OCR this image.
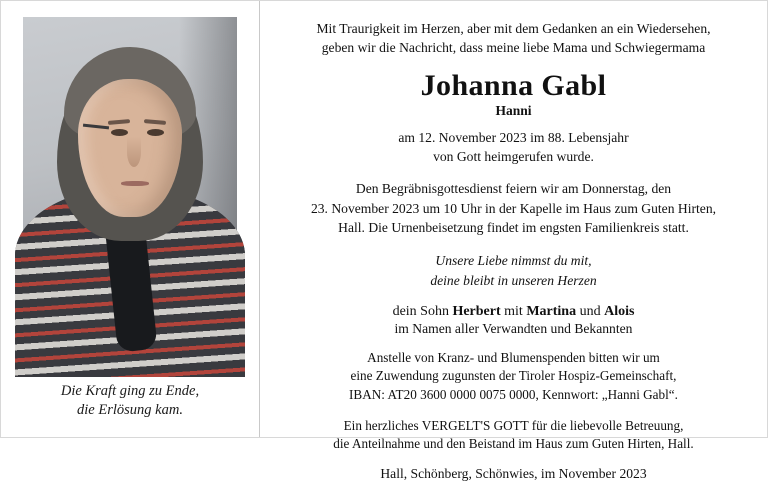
Die Kraft ging zu Ende,
die Erlösung kam.
Mit Traurigkeit im Herzen, aber mit dem Gedanken an ein Wiedersehen,
geben wir die Nachricht, dass meine liebe Mama und Schwiegermama
Johanna Gabl
Hanni
am 12. November 2023 im 88. Lebensjahr
von Gott heimgerufen wurde.
Den Begräbnisgottesdienst feiern wir am Donnerstag, den
23. November 2023 um 10 Uhr in der Kapelle im Haus zum Guten Hirten,
Hall. Die Urnenbeisetzung findet im engsten Familienkreis statt.
Unsere Liebe nimmst du mit,
deine bleibt in unseren Herzen
dein Sohn Herbert mit Martina und Alois
im Namen aller Verwandten und Bekannten
Anstelle von Kranz- und Blumenspenden bitten wir um
eine Zuwendung zugunsten der Tiroler Hospiz-Gemeinschaft,
IBAN: AT20 3600 0000 0075 0000, Kennwort: „Hanni Gabl“.
Ein herzliches VERGELT'S GOTT für die liebevolle Betreuung,
die Anteilnahme und den Beistand im Haus zum Guten Hirten, Hall.
Hall, Schönberg, Schönwies, im November 2023
